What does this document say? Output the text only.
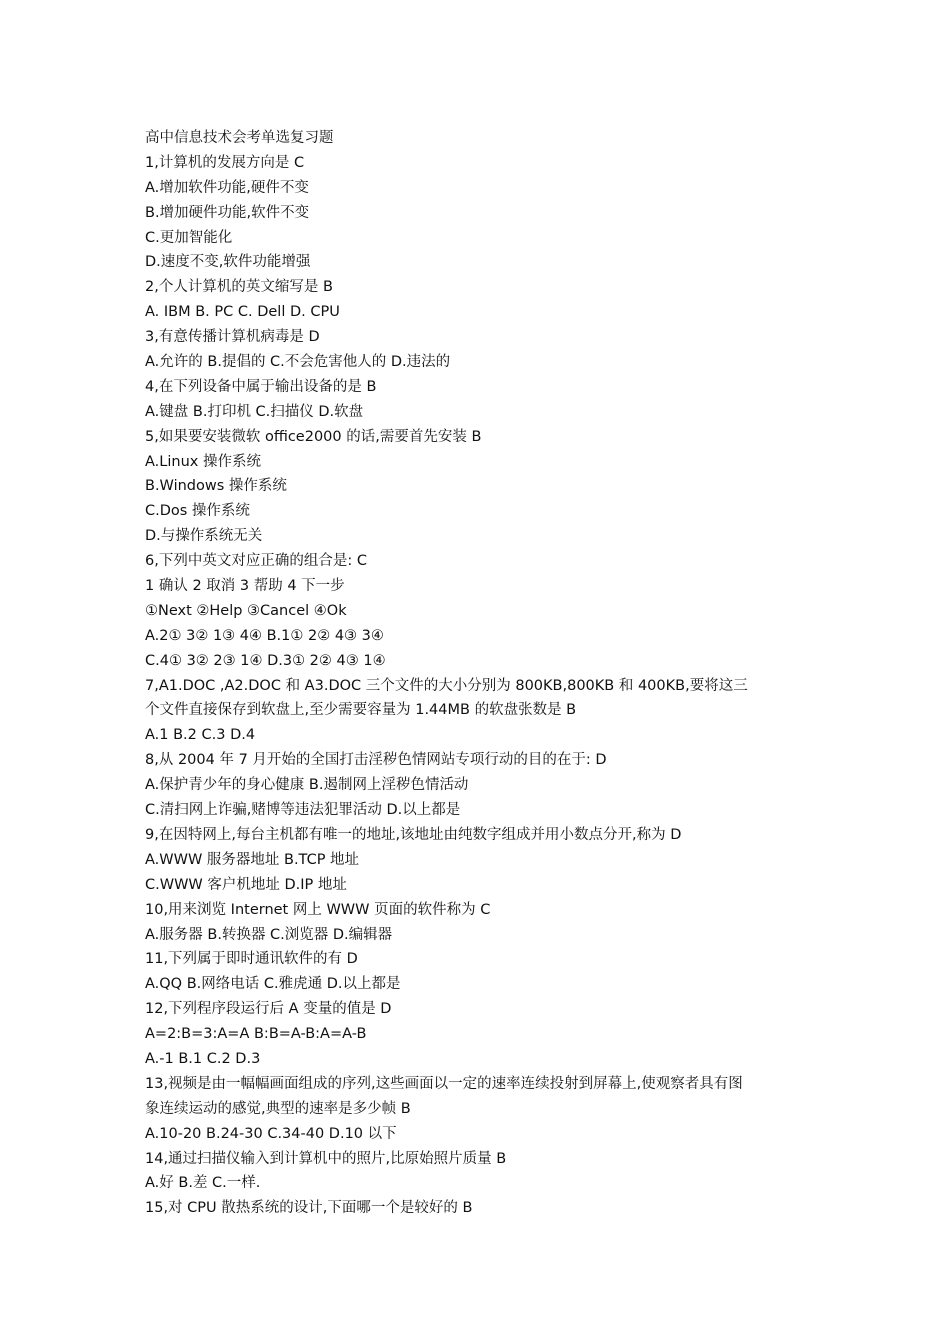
高中信息技术会考单选复习题
1,计算机的发展方向是 C
A.增加软件功能,硬件不变
B.增加硬件功能,软件不变
C.更加智能化
D.速度不变,软件功能增强
2,个人计算机的英文缩写是 B
A. IBM B. PC C. Dell D. CPU
3,有意传播计算机病毒是 D
A.允许的 B.提倡的 C.不会危害他人的 D.违法的
4,在下列设备中属于输出设备的是 B
A.键盘 B.打印机 C.扫描仪 D.软盘
5,如果要安装微软 office2000 的话,需要首先安装 B
A.Linux 操作系统
B.Windows 操作系统
C.Dos 操作系统
D.与操作系统无关
6,下列中英文对应正确的组合是: C
1 确认 2 取消 3 帮助 4 下一步
①Next ②Help ③Cancel ④Ok
A.2① 3② 1③ 4④ B.1① 2② 4③ 3④
C.4① 3② 2③ 1④ D.3① 2② 4③ 1④
7,A1.DOC ,A2.DOC 和 A3.DOC 三个文件的大小分别为 800KB,800KB 和 400KB,要将这三
个文件直接保存到软盘上,至少需要容量为 1.44MB 的软盘张数是 B
A.1 B.2 C.3 D.4
8,从 2004 年 7 月开始的全国打击淫秽色情网站专项行动的目的在于: D
A.保护青少年的身心健康 B.遏制网上淫秽色情活动
C.清扫网上诈骗,赌博等违法犯罪活动 D.以上都是
9,在因特网上,每台主机都有唯一的地址,该地址由纯数字组成并用小数点分开,称为 D
A.WWW 服务器地址 B.TCP 地址
C.WWW 客户机地址 D.IP 地址
10,用来浏览 Internet 网上 WWW 页面的软件称为 C
A.服务器 B.转换器 C.浏览器 D.编辑器
11,下列属于即时通讯软件的有 D
A.QQ B.网络电话 C.雅虎通 D.以上都是
12,下列程序段运行后 A 变量的值是 D
A=2:B=3:A=A B:B=A-B:A=A-B
A.-1 B.1 C.2 D.3
13,视频是由一幅幅画面组成的序列,这些画面以一定的速率连续投射到屏幕上,使观察者具有图
象连续运动的感觉,典型的速率是多少帧 B
A.10-20 B.24-30 C.34-40 D.10 以下
14,通过扫描仪输入到计算机中的照片,比原始照片质量 B
A.好 B.差 C.一样.
15,对 CPU 散热系统的设计,下面哪一个是较好的 B
